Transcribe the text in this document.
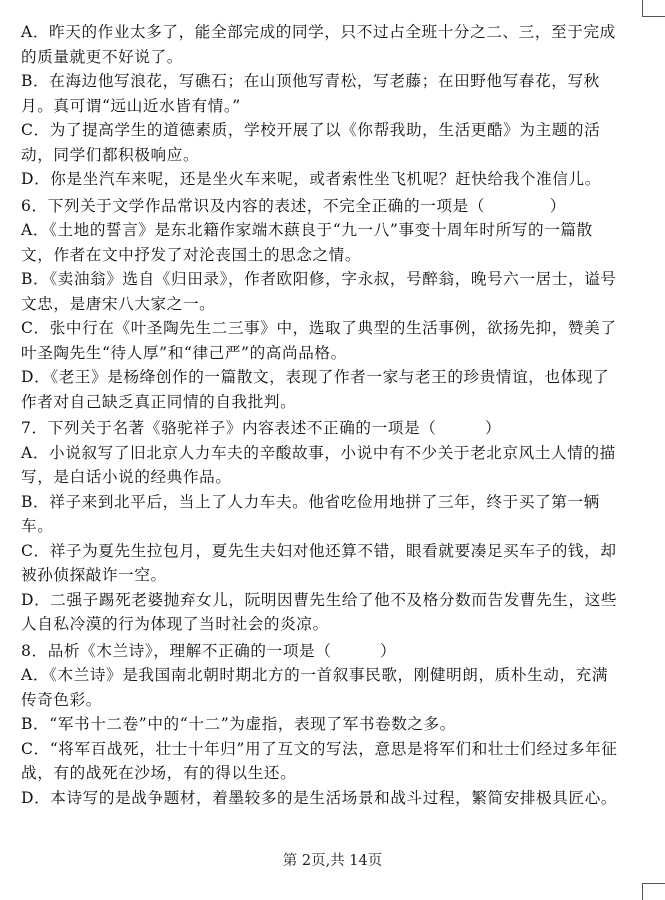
A．昨天的作业太多了，能全部完成的同学，只不过占全班十分之二、三，至于完成的质量就更不好说了。

B．在海边他写浪花，写礁石；在山顶他写青松，写老藤；在田野他写春花，写秋月。真可谓“远山近水皆有情。”

C．为了提高学生的道德素质，学校开展了以《你帮我助，生活更酷》为主题的活动，同学们都积极响应。

D．你是坐汽车来呢，还是坐火车来呢，或者索性坐飞机呢？赶快给我个准信儿。

6．下列关于文学作品常识及内容的表述，不完全正确的一项是（　　　　）

A．《土地的誓言》是东北籍作家端木蕻良于“九一八”事变十周年时所写的一篇散文，作者在文中抒发了对沦丧国土的思念之情。

B．《卖油翁》选自《归田录》，作者欧阳修，字永叔，号醉翁，晚号六一居士，谥号文忠，是唐宋八大家之一。

C．张中行在《叶圣陶先生二三事》中，选取了典型的生活事例，欲扬先抑，赞美了叶圣陶先生“待人厚”和“律己严”的高尚品格。

D．《老王》是杨绛创作的一篇散文，表现了作者一家与老王的珍贵情谊，也体现了作者对自己缺乏真正同情的自我批判。

7．下列关于名著《骆驼祥子》内容表述不正确的一项是（　　　）

A．小说叙写了旧北京人力车夫的辛酸故事，小说中有不少关于老北京风土人情的描写，是白话小说的经典作品。

B．祥子来到北平后，当上了人力车夫。他省吃俭用地拼了三年，终于买了第一辆车。

C．祥子为夏先生拉包月，夏先生夫妇对他还算不错，眼看就要凑足买车子的钱，却被孙侦探敲诈一空。

D．二强子踢死老婆抛弃女儿，阮明因曹先生给了他不及格分数而告发曹先生，这些人自私冷漠的行为体现了当时社会的炎凉。

8．品析《木兰诗》，理解不正确的一项是（　　　）

A．《木兰诗》是我国南北朝时期北方的一首叙事民歌，刚健明朗，质朴生动，充满传奇色彩。

B．“军书十二卷”中的“十二”为虚指，表现了军书卷数之多。

C．“将军百战死，壮士十年归”用了互文的写法，意思是将军们和壮士们经过多年征战，有的战死在沙场，有的得以生还。

D．本诗写的是战争题材，着墨较多的是生活场景和战斗过程，繁简安排极具匠心。

第 2页,共 14页
